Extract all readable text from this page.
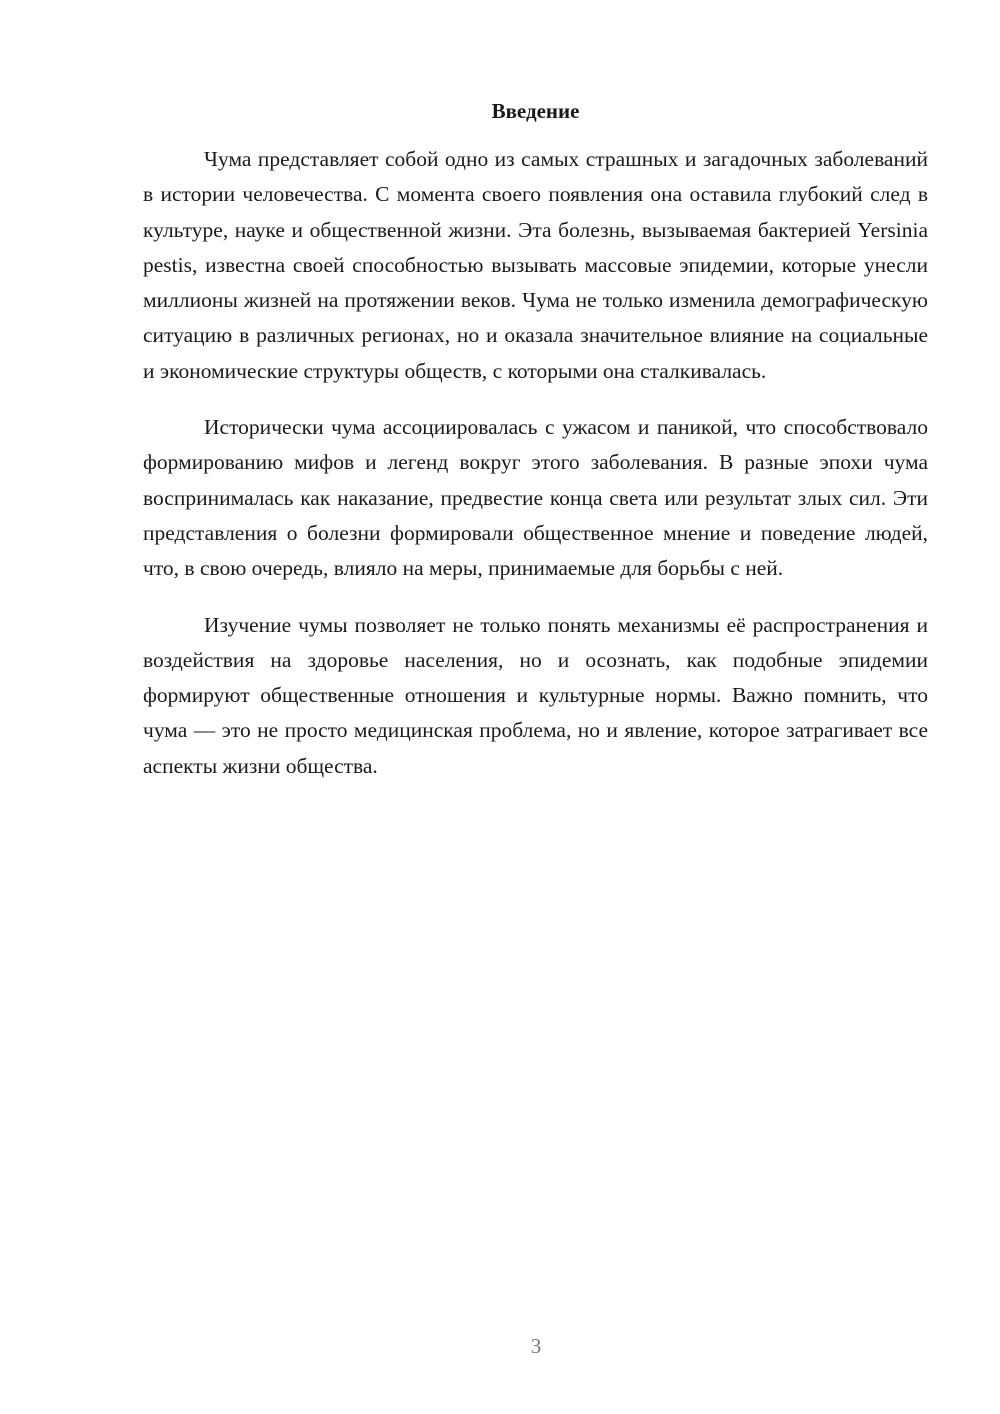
Введение

Чума представляет собой одно из самых страшных и загадочных заболеваний в истории человечества. С момента своего появления она оставила глубокий след в культуре, науке и общественной жизни. Эта болезнь, вызываемая бактерией Yersinia pestis, известна своей способностью вызывать массовые эпидемии, которые унесли миллионы жизней на протяжении веков. Чума не только изменила демографическую ситуацию в различных регионах, но и оказала значительное влияние на социальные и экономические структуры обществ, с которыми она сталкивалась.

Исторически чума ассоциировалась с ужасом и паникой, что способствовало формированию мифов и легенд вокруг этого заболевания. В разные эпохи чума воспринималась как наказание, предвестие конца света или результат злых сил. Эти представления о болезни формировали общественное мнение и поведение людей, что, в свою очередь, влияло на меры, принимаемые для борьбы с ней.

Изучение чумы позволяет не только понять механизмы её распространения и воздействия на здоровье населения, но и осознать, как подобные эпидемии формируют общественные отношения и культурные нормы. Важно помнить, что чума — это не просто медицинская проблема, но и явление, которое затрагивает все аспекты жизни общества.

3
